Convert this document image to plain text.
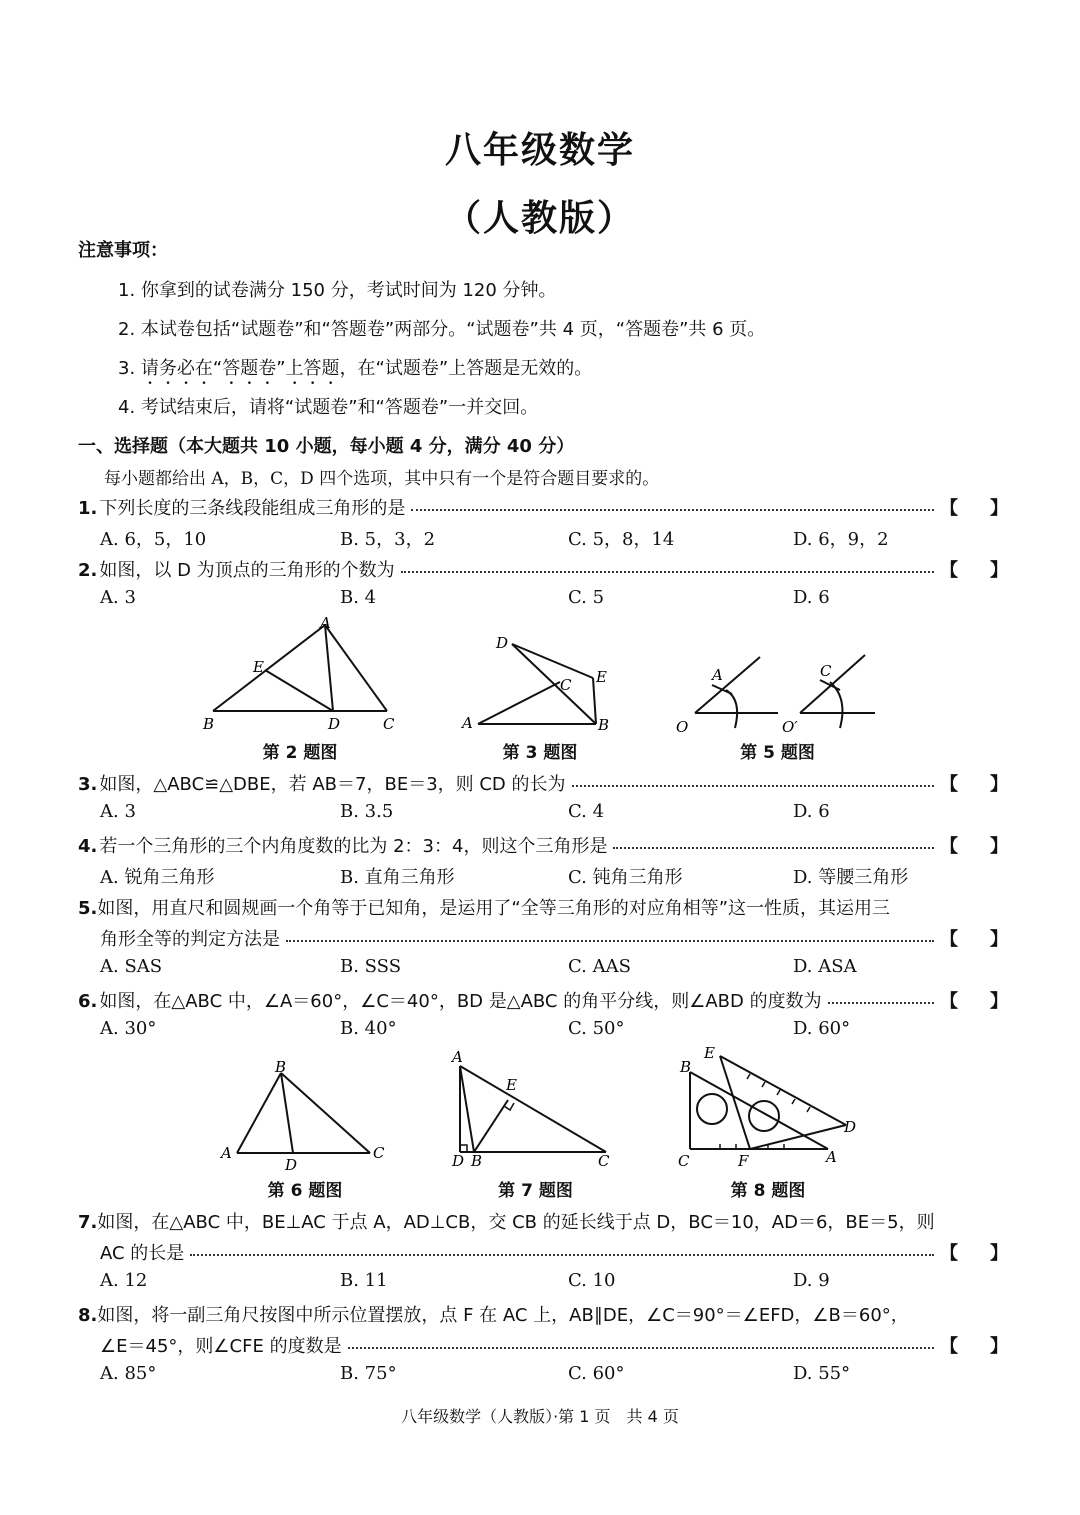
八年级数学
（人教版）
注意事项：
1. 你拿到的试卷满分 150 分，考试时间为 120 分钟。
2. 本试卷包括“试题卷”和“答题卷”两部分。“试题卷”共 4 页，“答题卷”共 6 页。
3. 请务必在“答题卷”上答题，在“试题卷”上答题是无效的。
4. 考试结束后，请将“试题卷”和“答题卷”一并交回。
一、选择题（本大题共 10 小题，每小题 4 分，满分 40 分）
每小题都给出 A，B，C，D 四个选项，其中只有一个是符合题目要求的。
1. 下列长度的三条线段能组成三角形的是	【 】
A. 6，5，10	B. 5，3，2	C. 5，8，14	D. 6，9，2
2. 如图，以 D 为顶点的三角形的个数为	【 】
A. 3	B. 4	C. 5	D. 6
A
E
B	D	C
第 2 题图
D
E
C
A	B
第 3 题图
A
O
C
O′
第 5 题图
3. 如图，△ABC≌△DBE，若 AB＝7，BE＝3，则 CD 的长为	【 】
A. 3	B. 3.5	C. 4	D. 6
4. 若一个三角形的三个内角度数的比为 2：3：4，则这个三角形是	【 】
A. 锐角三角形	B. 直角三角形	C. 钝角三角形	D. 等腰三角形
5.如图，用直尺和圆规画一个角等于已知角，是运用了“全等三角形的对应角相等”这一性质，其运用三
角形全等的判定方法是	【 】
A. SAS	B. SSS	C. AAS	D. ASA
6. 如图，在△ABC 中，∠A＝60°，∠C＝40°，BD 是△ABC 的角平分线，则∠ABD 的度数为	【 】
A. 30°	B. 40°	C. 50°	D. 60°
B
A
D
C
第 6 题图
A
E
D B	C
第 7 题图
E
B
D
C	F	A
第 8 题图
7.如图，在△ABC 中，BE⊥AC 于点 A，AD⊥CB，交 CB 的延长线于点 D，BC＝10，AD＝6，BE＝5，则
AC 的长是	【 】
A. 12	B. 11	C. 10	D. 9
8.如图，将一副三角尺按图中所示位置摆放，点 F 在 AC 上，AB∥DE，∠C＝90°＝∠EFD，∠B＝60°，
∠E＝45°，则∠CFE 的度数是	【 】
A. 85°	B. 75°	C. 60°	D. 55°
八年级数学（人教版）·第 1 页　共 4 页
